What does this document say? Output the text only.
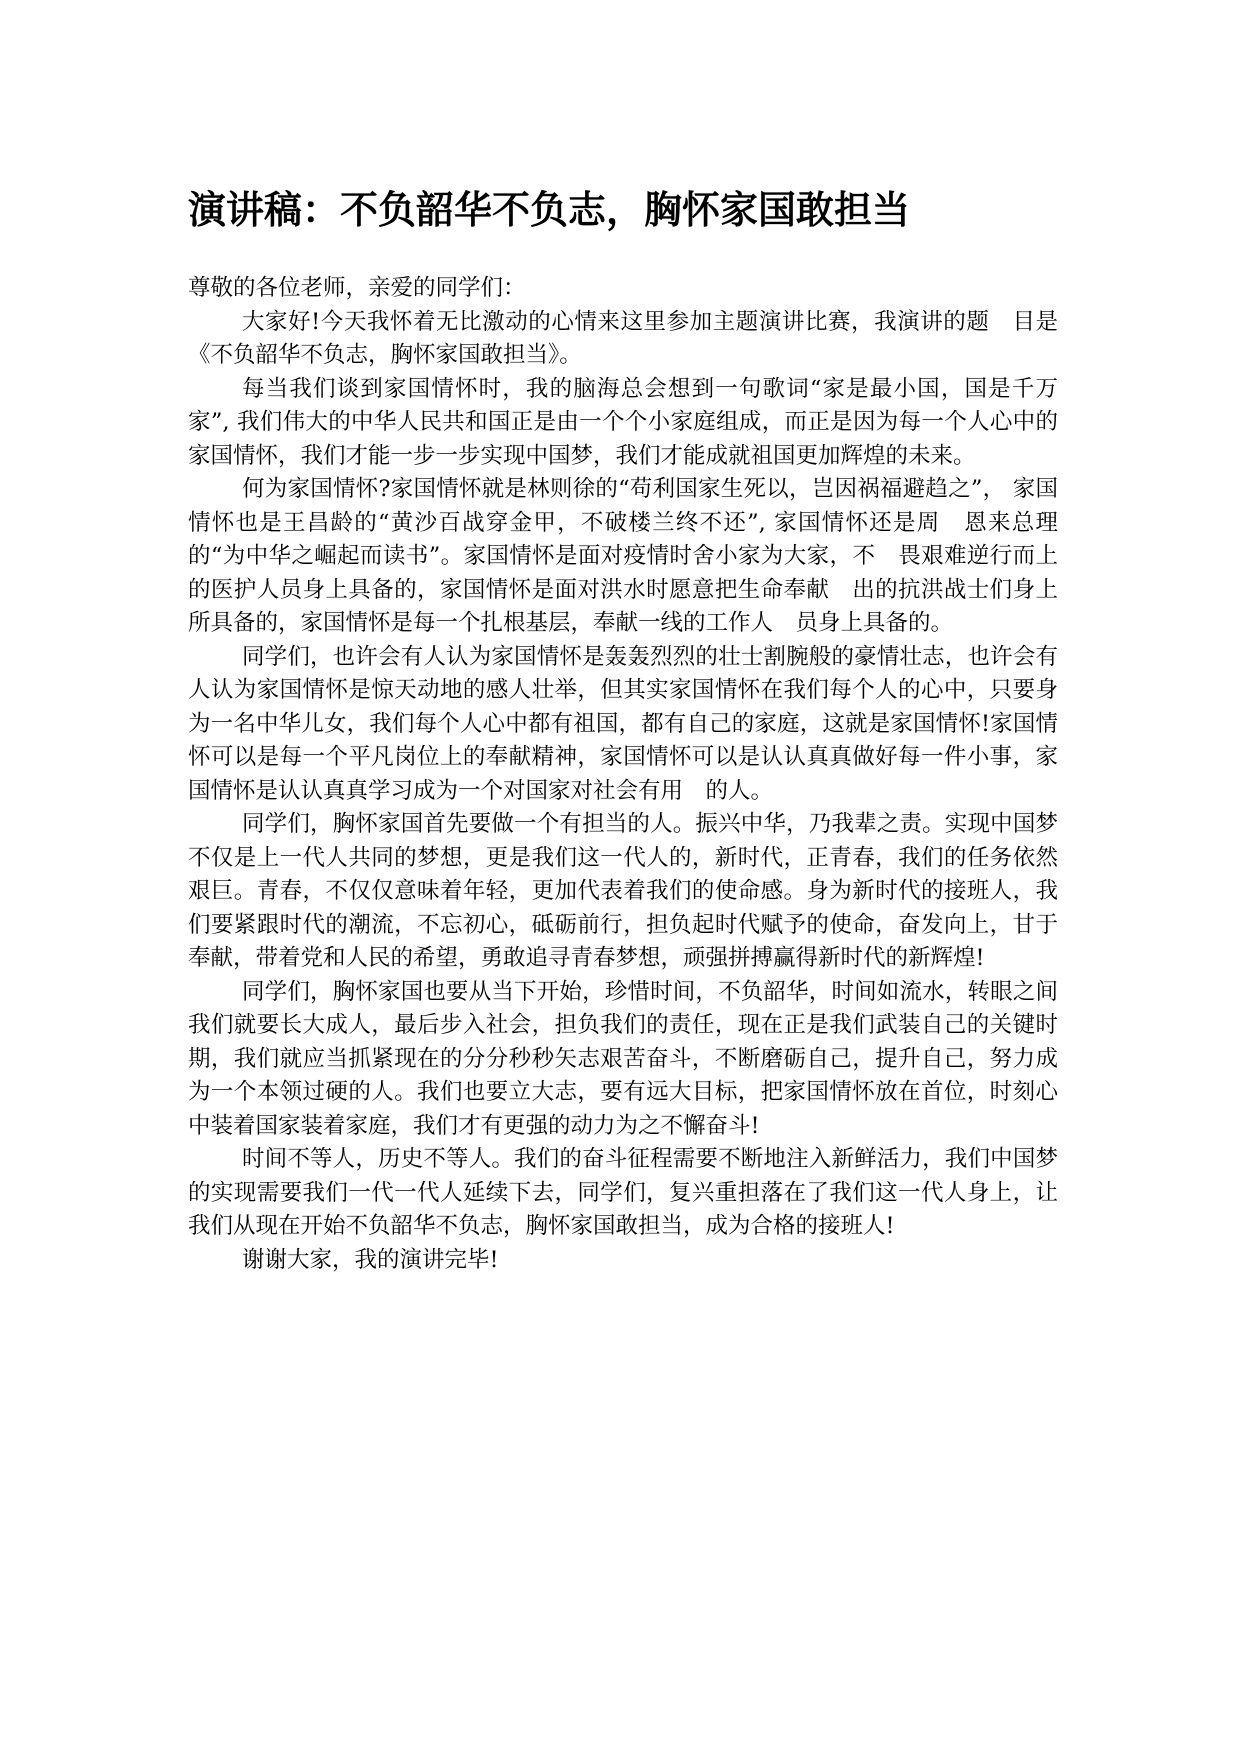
演讲稿：不负韶华不负志，胸怀家国敢担当

尊敬的各位老师，亲爱的同学们：

大家好!今天我怀着无比激动的心情来这里参加主题演讲比赛，我演讲的题　目是《不负韶华不负志，胸怀家国敢担当》。

每当我们谈到家国情怀时，我的脑海总会想到一句歌词“家是最小国，国是千万家”, 我们伟大的中华人民共和国正是由一个个小家庭组成，而正是因为每一个人心中的家国情怀，我们才能一步一步实现中国梦，我们才能成就祖国更加辉煌的未来。

何为家国情怀?家国情怀就是林则徐的“苟利国家生死以，岂因祸福避趋之”， 家国情怀也是王昌龄的“黄沙百战穿金甲，不破楼兰终不还”, 家国情怀还是周　恩来总理的“为中华之崛起而读书”。家国情怀是面对疫情时舍小家为大家，不　畏艰难逆行而上的医护人员身上具备的，家国情怀是面对洪水时愿意把生命奉献　出的抗洪战士们身上所具备的，家国情怀是每一个扎根基层，奉献一线的工作人　员身上具备的。

同学们，也许会有人认为家国情怀是轰轰烈烈的壮士割腕般的豪情壮志，也许会有人认为家国情怀是惊天动地的感人壮举，但其实家国情怀在我们每个人的心中，只要身为一名中华儿女，我们每个人心中都有祖国，都有自己的家庭，这就是家国情怀!家国情怀可以是每一个平凡岗位上的奉献精神，家国情怀可以是认认真真做好每一件小事，家国情怀是认认真真学习成为一个对国家对社会有用　的人。

同学们，胸怀家国首先要做一个有担当的人。振兴中华，乃我辈之责。实现中国梦不仅是上一代人共同的梦想，更是我们这一代人的，新时代，正青春，我们的任务依然艰巨。青春，不仅仅意味着年轻，更加代表着我们的使命感。身为新时代的接班人，我们要紧跟时代的潮流，不忘初心，砥砺前行，担负起时代赋予的使命，奋发向上，甘于奉献，带着党和人民的希望，勇敢追寻青春梦想，顽强拼搏赢得新时代的新辉煌!

同学们，胸怀家国也要从当下开始，珍惜时间，不负韶华，时间如流水，转眼之间我们就要长大成人，最后步入社会，担负我们的责任，现在正是我们武装自己的关键时期，我们就应当抓紧现在的分分秒秒矢志艰苦奋斗，不断磨砺自己，提升自己，努力成为一个本领过硬的人。我们也要立大志，要有远大目标，把家国情怀放在首位，时刻心中装着国家装着家庭，我们才有更强的动力为之不懈奋斗!

时间不等人，历史不等人。我们的奋斗征程需要不断地注入新鲜活力，我们中国梦的实现需要我们一代一代人延续下去，同学们，复兴重担落在了我们这一代人身上，让我们从现在开始不负韶华不负志，胸怀家国敢担当，成为合格的接班人!

谢谢大家，我的演讲完毕!
